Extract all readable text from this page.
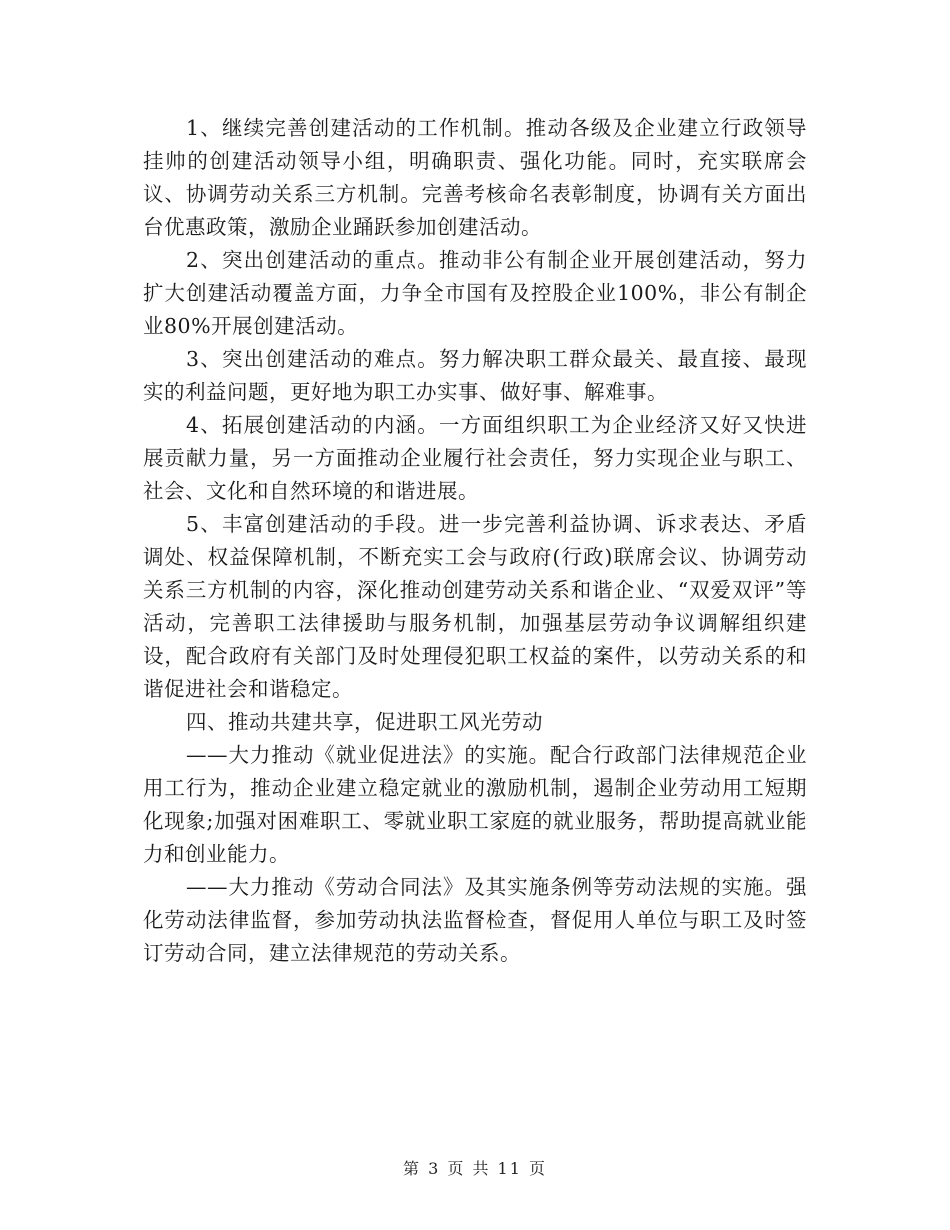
1、继续完善创建活动的工作机制。推动各级及企业建立行政领导挂帅的创建活动领导小组，明确职责、强化功能。同时，充实联席会议、协调劳动关系三方机制。完善考核命名表彰制度，协调有关方面出台优惠政策，激励企业踊跃参加创建活动。

2、突出创建活动的重点。推动非公有制企业开展创建活动，努力扩大创建活动覆盖方面，力争全市国有及控股企业100%，非公有制企业80%开展创建活动。

3、突出创建活动的难点。努力解决职工群众最关、最直接、最现实的利益问题，更好地为职工办实事、做好事、解难事。

4、拓展创建活动的内涵。一方面组织职工为企业经济又好又快进展贡献力量，另一方面推动企业履行社会责任，努力实现企业与职工、社会、文化和自然环境的和谐进展。

5、丰富创建活动的手段。进一步完善利益协调、诉求表达、矛盾调处、权益保障机制，不断充实工会与政府(行政)联席会议、协调劳动关系三方机制的内容，深化推动创建劳动关系和谐企业、“双爱双评”等活动，完善职工法律援助与服务机制，加强基层劳动争议调解组织建设，配合政府有关部门及时处理侵犯职工权益的案件，以劳动关系的和谐促进社会和谐稳定。

四、推动共建共享，促进职工风光劳动

——大力推动《就业促进法》的实施。配合行政部门法律规范企业用工行为，推动企业建立稳定就业的激励机制，遏制企业劳动用工短期化现象;加强对困难职工、零就业职工家庭的就业服务，帮助提高就业能力和创业能力。

——大力推动《劳动合同法》及其实施条例等劳动法规的实施。强化劳动法律监督，参加劳动执法监督检查，督促用人单位与职工及时签订劳动合同，建立法律规范的劳动关系。

第 3 页 共 11 页
